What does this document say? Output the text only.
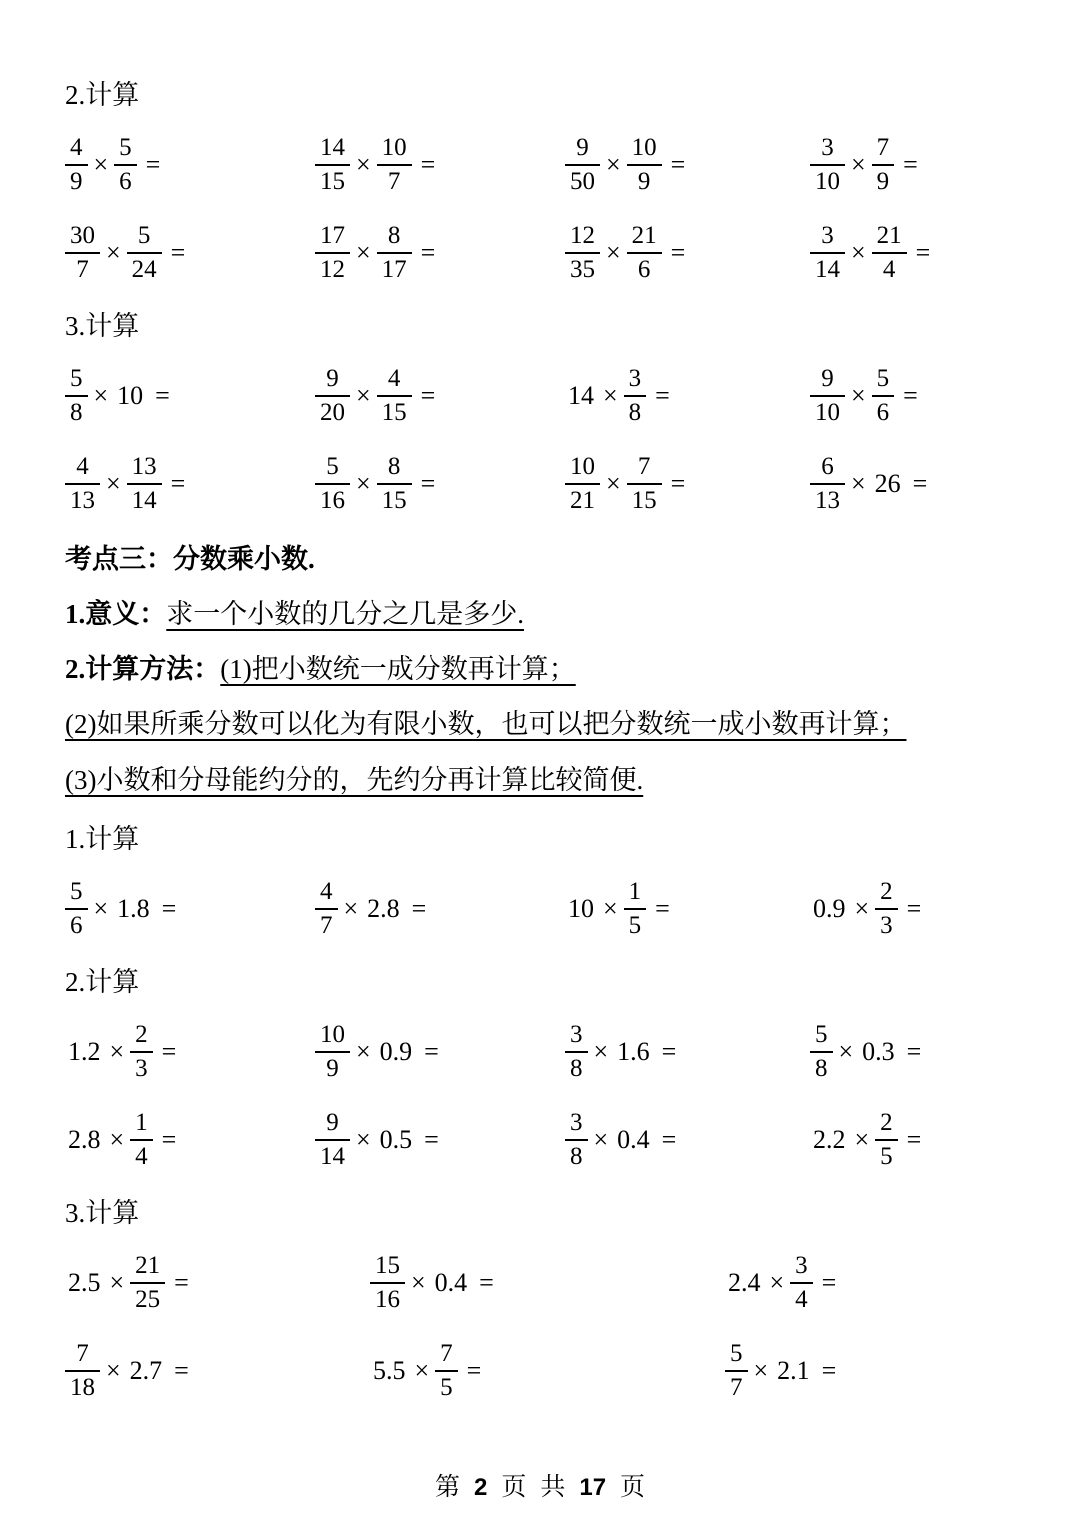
2.计算
$\frac{4}{9} \times \frac{5}{6}$ =	$\frac{14}{15} \times \frac{10}{7}$ =	$\frac{9}{50} \times \frac{10}{9}$ =	$\frac{3}{10} \times \frac{7}{9}$ =
$\frac{30}{7} \times \frac{5}{24}$ =	$\frac{17}{12} \times \frac{8}{17}$ =	$\frac{12}{35} \times \frac{21}{6}$ =	$\frac{3}{14} \times \frac{21}{4}$ =
3.计算
$\frac{5}{8} \times 10$ =	$\frac{9}{20} \times \frac{4}{15}$ =	$14 \times \frac{3}{8}$ =	$\frac{9}{10} \times \frac{5}{6}$ =
$\frac{4}{13} \times \frac{13}{14}$ =	$\frac{5}{16} \times \frac{8}{15}$ =	$\frac{10}{21} \times \frac{7}{15}$ =	$\frac{6}{13} \times 26$ =
考点三：分数乘小数.
1.意义：求一个小数的几分之几是多少.
2.计算方法：(1)把小数统一成分数再计算；
(2)如果所乘分数可以化为有限小数，也可以把分数统一成小数再计算；
(3)小数和分母能约分的，先约分再计算比较简便.
1.计算
$\frac{5}{6} \times 1.8$ =	$\frac{4}{7} \times 2.8$ =	$10 \times \frac{1}{5}$ =	$0.9 \times \frac{2}{3}$ =
2.计算
$1.2 \times \frac{2}{3}$ =	$\frac{10}{9} \times 0.9$ =	$\frac{3}{8} \times 1.6$ =	$\frac{5}{8} \times 0.3$ =
$2.8 \times \frac{1}{4}$ =	$\frac{9}{14} \times 0.5$ =	$\frac{3}{8} \times 0.4$ =	$2.2 \times \frac{2}{5}$ =
3.计算
$2.5 \times \frac{21}{25}$ =	$\frac{15}{16} \times 0.4$ =	$2.4 \times \frac{3}{4}$ =
$\frac{7}{18} \times 2.7$ =	$5.5 \times \frac{7}{5}$ =	$\frac{5}{7} \times 2.1$ =
第 2 页 共 17 页
